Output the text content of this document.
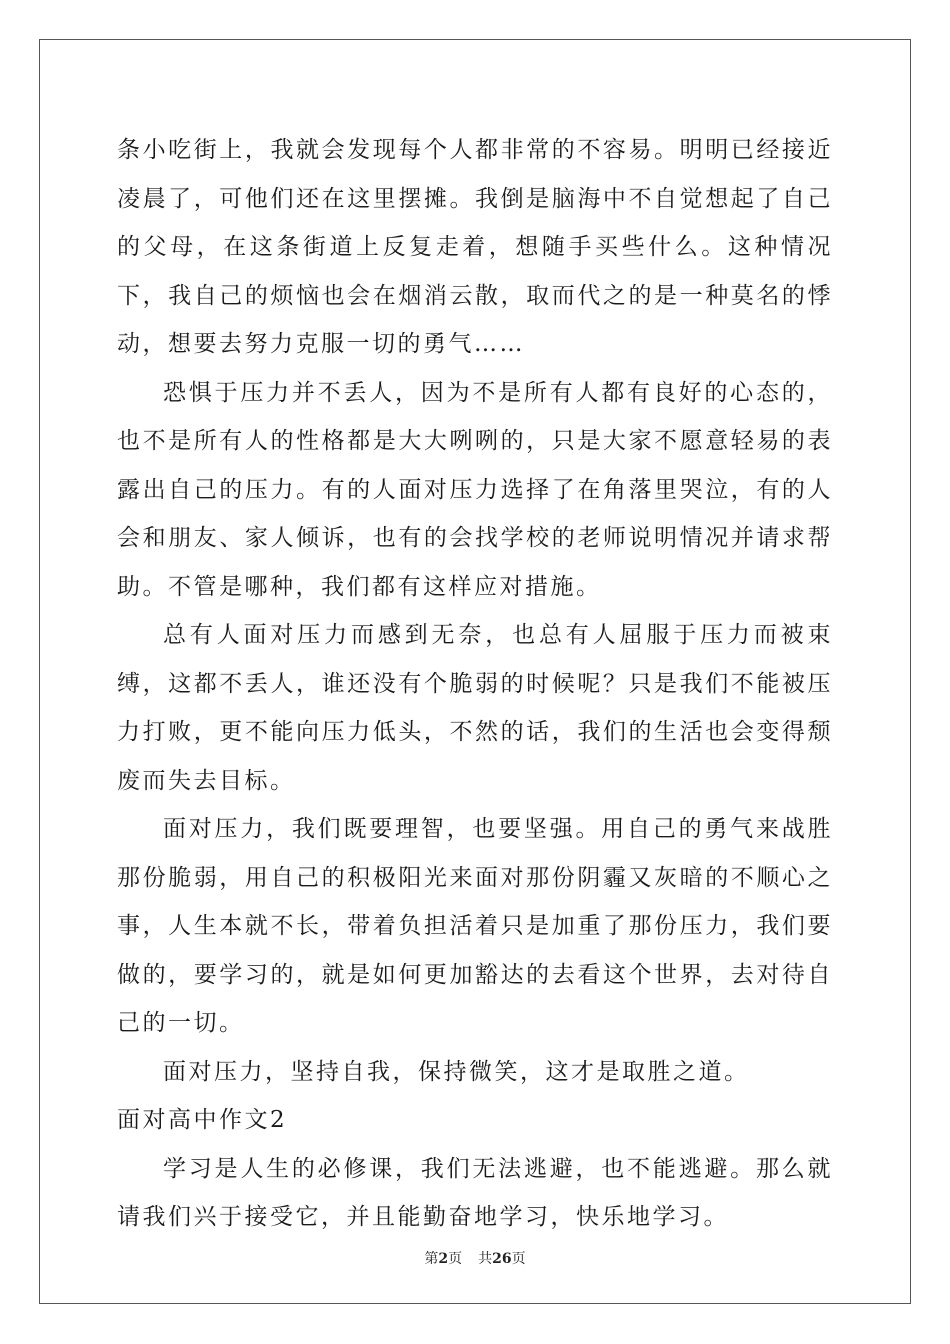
条小吃街上，我就会发现每个人都非常的不容易。明明已经接近凌晨了，可他们还在这里摆摊。我倒是脑海中不自觉想起了自己的父母，在这条街道上反复走着，想随手买些什么。这种情况下，我自己的烦恼也会在烟消云散，取而代之的是一种莫名的悸动，想要去努力克服一切的勇气……

恐惧于压力并不丢人，因为不是所有人都有良好的心态的，也不是所有人的性格都是大大咧咧的，只是大家不愿意轻易的表露出自己的压力。有的人面对压力选择了在角落里哭泣，有的人会和朋友、家人倾诉，也有的会找学校的老师说明情况并请求帮助。不管是哪种，我们都有这样应对措施。

总有人面对压力而感到无奈，也总有人屈服于压力而被束缚，这都不丢人，谁还没有个脆弱的时候呢？只是我们不能被压力打败，更不能向压力低头，不然的话，我们的生活也会变得颓废而失去目标。

面对压力，我们既要理智，也要坚强。用自己的勇气来战胜那份脆弱，用自己的积极阳光来面对那份阴霾又灰暗的不顺心之事，人生本就不长，带着负担活着只是加重了那份压力，我们要做的，要学习的，就是如何更加豁达的去看这个世界，去对待自己的一切。

面对压力，坚持自我，保持微笑，这才是取胜之道。

面对高中作文2

学习是人生的必修课，我们无法逃避，也不能逃避。那么就请我们兴于接受它，并且能勤奋地学习，快乐地学习。

第2页 共26页
